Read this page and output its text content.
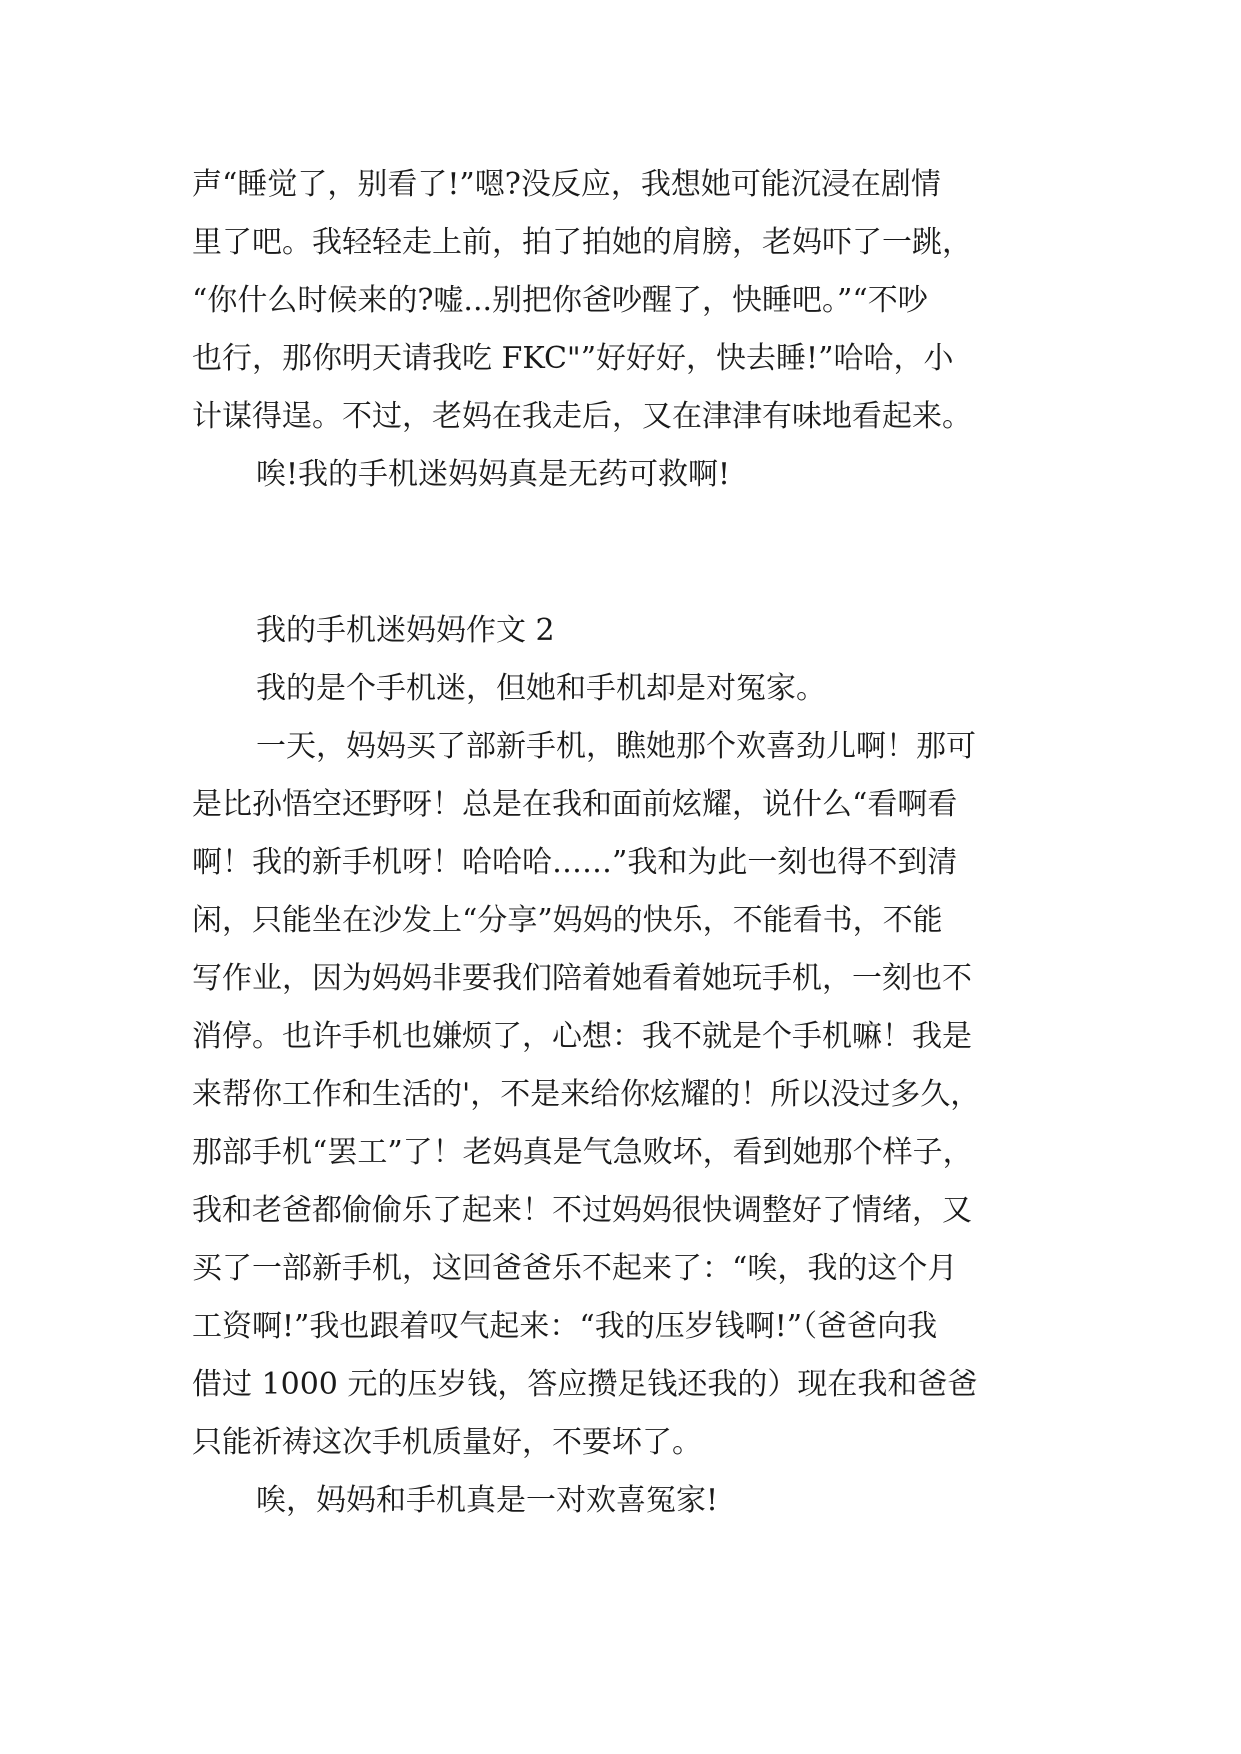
声“睡觉了，别看了!”嗯?没反应，我想她可能沉浸在剧情
里了吧。我轻轻走上前，拍了拍她的肩膀，老妈吓了一跳，
“你什么时候来的?嘘...别把你爸吵醒了，快睡吧。”“不吵
也行，那你明天请我吃 FKC"”好好好，快去睡!”哈哈，小
计谋得逞。不过，老妈在我走后，又在津津有味地看起来。
唉!我的手机迷妈妈真是无药可救啊!
我的手机迷妈妈作文 2
我的是个手机迷，但她和手机却是对冤家。
一天，妈妈买了部新手机，瞧她那个欢喜劲儿啊！那可
是比孙悟空还野呀！总是在我和面前炫耀，说什么“看啊看
啊！我的新手机呀！哈哈哈……”我和为此一刻也得不到清
闲，只能坐在沙发上“分享”妈妈的快乐，不能看书，不能
写作业，因为妈妈非要我们陪着她看着她玩手机，一刻也不
消停。也许手机也嫌烦了，心想：我不就是个手机嘛！我是
来帮你工作和生活的'，不是来给你炫耀的！所以没过多久，
那部手机“罢工”了！老妈真是气急败坏，看到她那个样子，
我和老爸都偷偷乐了起来！不过妈妈很快调整好了情绪，又
买了一部新手机，这回爸爸乐不起来了：“唉，我的这个月
工资啊!”我也跟着叹气起来：“我的压岁钱啊!”（爸爸向我
借过 1000 元的压岁钱，答应攒足钱还我的）现在我和爸爸
只能祈祷这次手机质量好，不要坏了。
唉，妈妈和手机真是一对欢喜冤家!
